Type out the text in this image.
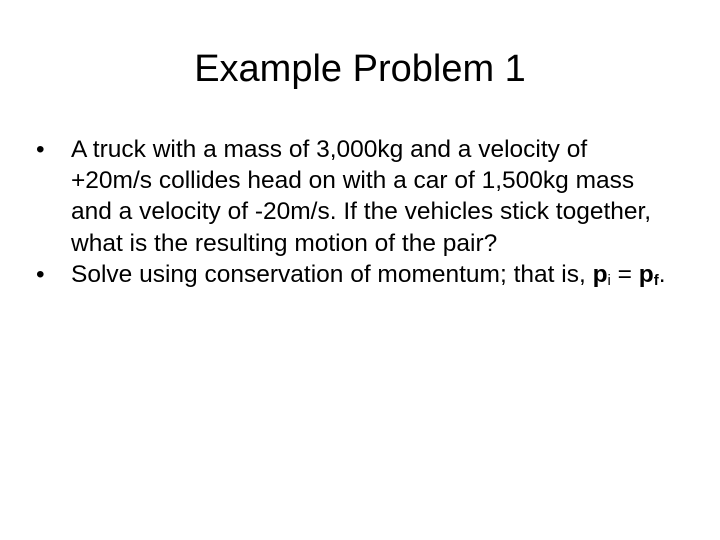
Example Problem 1
•	A truck with a mass of 3,000kg and a velocity of +20m/s collides head on with a car of 1,500kg mass and a velocity of -20m/s. If the vehicles stick together, what is the resulting motion of the pair?
•	Solve using conservation of momentum; that is, $p_i = p_f$.
